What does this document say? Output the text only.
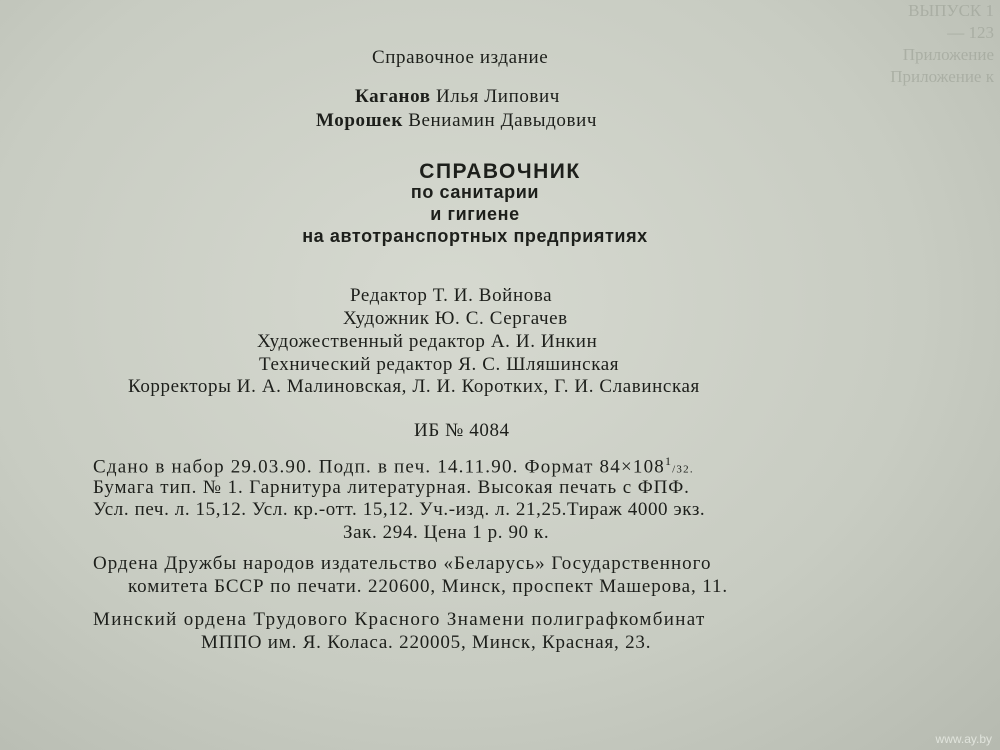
ВЫПУСК 1
— 123
Приложение
Приложение к
Справочное издание
Каганов Илья Липович
Морошек Вениамин Давыдович
СПРАВОЧНИК
по санитарии
и гигиене
на автотранспортных предприятиях
Редактор Т. И. Войнова
Художник Ю. С. Сергачев
Художественный редактор А. И. Инкин
Технический редактор Я. С. Шляшинская
Корректоры И. А. Малиновская, Л. И. Коротких, Г. И. Славинская
ИБ № 4084
Сдано в набор 29.03.90. Подп. в печ. 14.11.90. Формат $84\times 108^1/32$.
Бумага тип. № 1. Гарнитура литературная. Высокая печать с ФПФ.
Усл. печ. л. 15,12. Усл. кр.-отт. 15,12. Уч.-изд. л. 21,25.Тираж 4000 экз.
Зак. 294. Цена 1 р. 90 к.
Ордена Дружбы народов издательство «Беларусь» Государственного
комитета БССР по печати. 220600, Минск, проспект Машерова, 11.
Минский ордена Трудового Красного Знамени полиграфкомбинат
МППО им. Я. Коласа. 220005, Минск, Красная, 23.
www.ay.by
